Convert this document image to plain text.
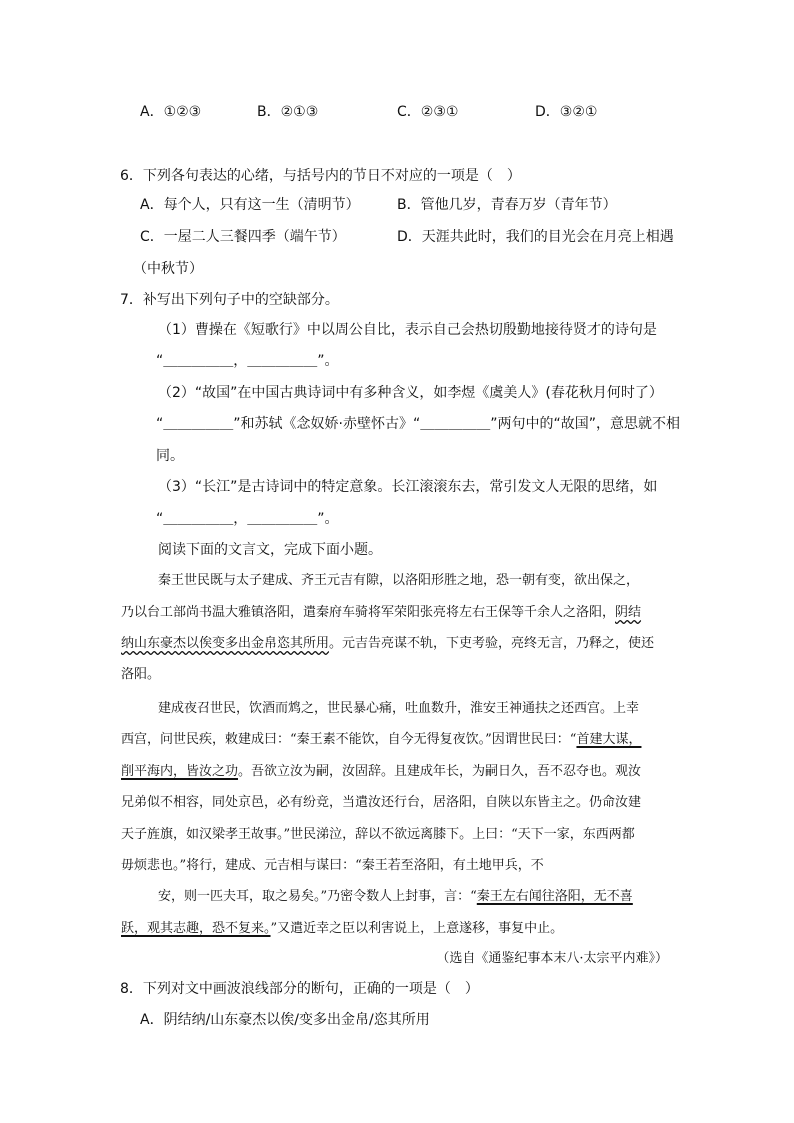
A．①②③	B．②①③	C．②③①	D．③②①
6．下列各句表达的心绪，与括号内的节日不对应的一项是（　）
A．每个人，只有这一生（清明节）	B．管他几岁，青春万岁（青年节）
C．一屋二人三餐四季（端午节）	D．天涯共此时，我们的目光会在月亮上相遇
（中秋节）
7．补写出下列句子中的空缺部分。
（1）曹操在《短歌行》中以周公自比，表示自己会热切殷勤地接待贤才的诗句是
“＿＿＿＿＿，＿＿＿＿＿”。
（2）“故国”在中国古典诗词中有多种含义，如李煜《虞美人》(春花秋月何时了）
“＿＿＿＿＿”和苏轼《念奴娇·赤壁怀古》“＿＿＿＿＿”两句中的“故国”，意思就不相
同。
（3）“长江”是古诗词中的特定意象。长江滚滚东去，常引发文人无限的思绪，如
“＿＿＿＿＿，＿＿＿＿＿”。
阅读下面的文言文，完成下面小题。
秦王世民既与太子建成、齐王元吉有隙，以洛阳形胜之地，恐一朝有变，欲出保之，
乃以台工部尚书温大雅镇洛阳，遣秦府车骑将军荣阳张亮将左右王保等千余人之洛阳，阴结
纳山东豪杰以俟变多出金帛恣其所用。元吉告亮谋不轨，下吏考验，亮终无言，乃释之，使还
洛阳。
建成夜召世民，饮酒而鸩之，世民暴心痛，吐血数升，淮安王神通扶之还西宫。上幸
西宫，问世民疾，敕建成曰：“秦王素不能饮，自今无得复夜饮。”因谓世民曰：“首建大谋，
削平海内，皆汝之功。吾欲立汝为嗣，汝固辞。且建成年长，为嗣日久，吾不忍夺也。观汝
兄弟似不相容，同处京邑，必有纷竞，当遣汝还行台，居洛阳，自陕以东皆主之。仍命汝建
天子旌旗，如汉梁孝王故事。”世民涕泣，辞以不欲远离膝下。上曰：“天下一家，东西两都
毋烦悲也。”将行，建成、元吉相与谋曰：“秦王若至洛阳，有土地甲兵，不
安，则一匹夫耳，取之易矣。”乃密令数人上封事，言：“秦王左右闻往洛阳，无不喜
跃，观其志趣，恐不复来。”又遣近幸之臣以利害说上，上意遂移，事复中止。
（选自《通鉴纪事本末八·太宗平内难》）
8．下列对文中画波浪线部分的断句，正确的一项是（　）
A．阴结纳/山东豪杰以俟/变多出金帛/恣其所用
